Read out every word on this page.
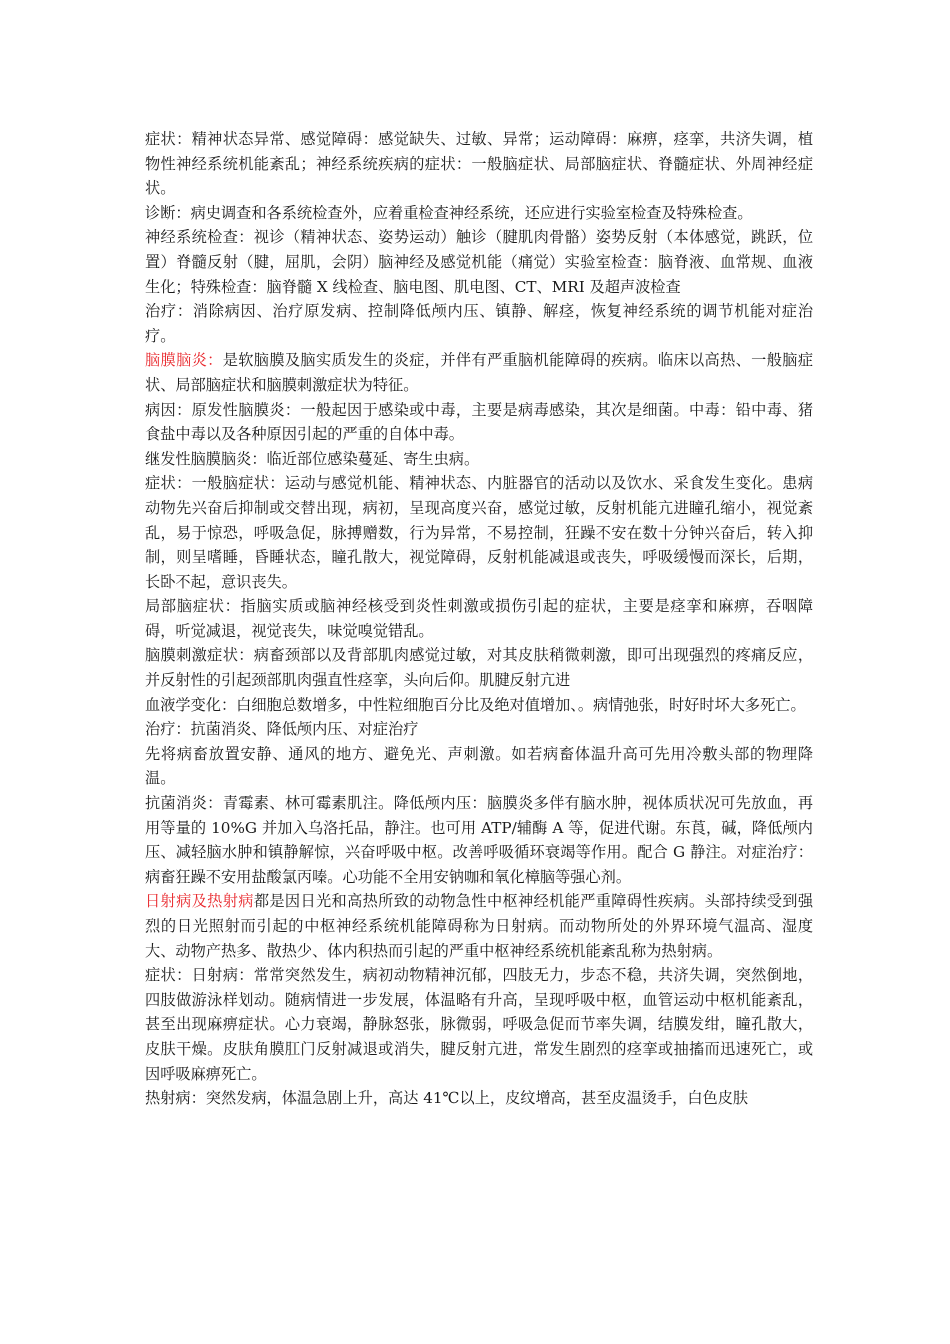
症状：精神状态异常、感觉障碍：感觉缺失、过敏、异常；运动障碍：麻痹，痉挛，共济失调，植物性神经系统机能紊乱；神经系统疾病的症状：一般脑症状、局部脑症状、脊髓症状、外周神经症状。

诊断：病史调查和各系统检查外，应着重检查神经系统，还应进行实验室检查及特殊检查。

神经系统检查：视诊（精神状态、姿势运动）触诊（腱肌肉骨骼）姿势反射（本体感觉，跳跃，位置）脊髓反射（腱，屈肌，会阴）脑神经及感觉机能（痛觉）实验室检查：脑脊液、血常规、血液生化；特殊检查：脑脊髓 X 线检查、脑电图、肌电图、CT、MRI 及超声波检查

治疗：消除病因、治疗原发病、控制降低颅内压、镇静、解痉，恢复神经系统的调节机能对症治疗。

脑膜脑炎：是软脑膜及脑实质发生的炎症，并伴有严重脑机能障碍的疾病。临床以高热、一般脑症状、局部脑症状和脑膜刺激症状为特征。

病因：原发性脑膜炎：一般起因于感染或中毒，主要是病毒感染，其次是细菌。中毒：铅中毒、猪食盐中毒以及各种原因引起的严重的自体中毒。

继发性脑膜脑炎：临近部位感染蔓延、寄生虫病。

症状：一般脑症状：运动与感觉机能、精神状态、内脏器官的活动以及饮水、采食发生变化。患病动物先兴奋后抑制或交替出现，病初，呈现高度兴奋，感觉过敏，反射机能亢进瞳孔缩小，视觉紊乱，易于惊恐，呼吸急促，脉搏赠数，行为异常，不易控制，狂躁不安在数十分钟兴奋后，转入抑制，则呈嗜睡，昏睡状态，瞳孔散大，视觉障碍，反射机能减退或丧失，呼吸缓慢而深长，后期，长卧不起，意识丧失。

局部脑症状：指脑实质或脑神经核受到炎性刺激或损伤引起的症状，主要是痉挛和麻痹，吞咽障碍，听觉减退，视觉丧失，味觉嗅觉错乱。

脑膜刺激症状：病畜颈部以及背部肌肉感觉过敏，对其皮肤稍微刺激，即可出现强烈的疼痛反应，并反射性的引起颈部肌肉强直性痉挛，头向后仰。肌腱反射亢进

血液学变化：白细胞总数增多，中性粒细胞百分比及绝对值增加、。病情弛张，时好时坏大多死亡。

治疗：抗菌消炎、降低颅内压、对症治疗

先将病畜放置安静、通风的地方、避免光、声刺激。如若病畜体温升高可先用冷敷头部的物理降温。

抗菌消炎：青霉素、林可霉素肌注。降低颅内压：脑膜炎多伴有脑水肿，视体质状况可先放血，再用等量的 10%G 并加入乌洛托品，静注。也可用 ATP/辅酶 A 等，促进代谢。东莨，碱，降低颅内压、减轻脑水肿和镇静解惊，兴奋呼吸中枢。改善呼吸循环衰竭等作用。配合 G 静注。对症治疗：病畜狂躁不安用盐酸氯丙嗪。心功能不全用安钠咖和氧化樟脑等强心剂。

日射病及热射病都是因日光和高热所致的动物急性中枢神经机能严重障碍性疾病。头部持续受到强烈的日光照射而引起的中枢神经系统机能障碍称为日射病。而动物所处的外界环境气温高、湿度大、动物产热多、散热少、体内积热而引起的严重中枢神经系统机能紊乱称为热射病。

症状：日射病：常常突然发生，病初动物精神沉郁，四肢无力，步态不稳，共济失调，突然倒地，四肢做游泳样划动。随病情进一步发展，体温略有升高，呈现呼吸中枢，血管运动中枢机能紊乱，甚至出现麻痹症状。心力衰竭，静脉怒张，脉微弱，呼吸急促而节率失调，结膜发绀，瞳孔散大，皮肤干燥。皮肤角膜肛门反射减退或消失，腱反射亢进，常发生剧烈的痉挛或抽搐而迅速死亡，或因呼吸麻痹死亡。

热射病：突然发病，体温急剧上升，高达 41℃以上，皮纹增高，甚至皮温烫手，白色皮肤
